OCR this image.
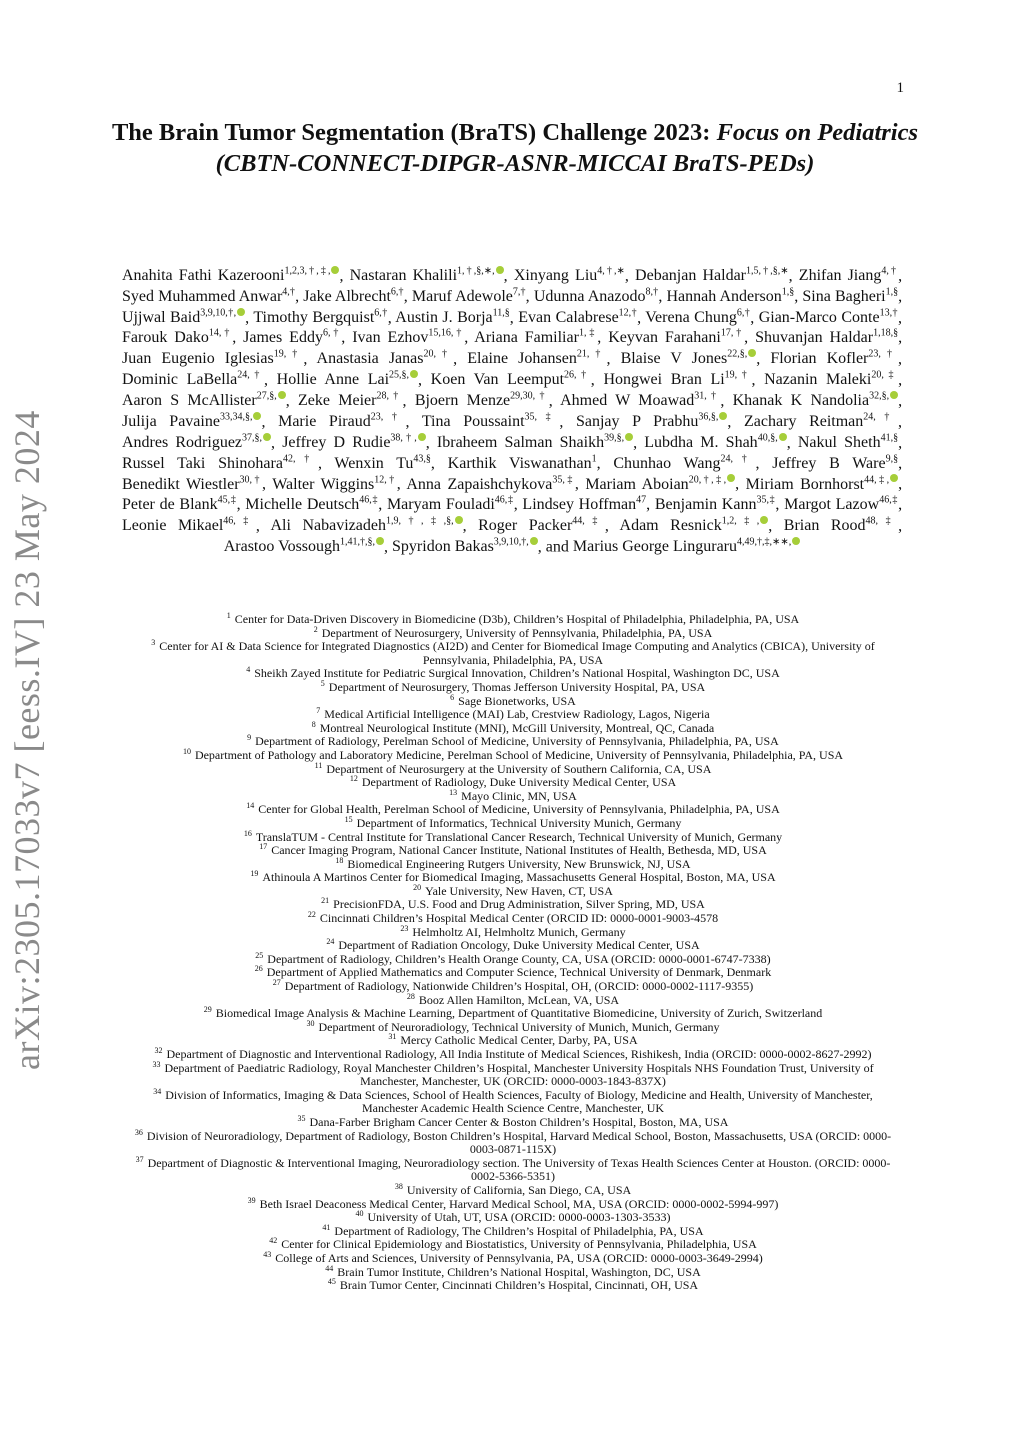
1
arXiv:2305.17033v7 [eess.IV] 23 May 2024
The Brain Tumor Segmentation (BraTS) Challenge 2023: Focus on Pediatrics (CBTN-CONNECT-DIPGR-ASNR-MICCAI BraTS-PEDs)
Anahita Fathi Kazerooni$^{1,2,3,\dagger,\ddagger,}$ , Nastaran Khalili$^{1,\dagger,\S,∗,}$ , Xinyang Liu$^{4,\dagger,∗}$, Debanjan Haldar$^{1,5,\dagger,\S,∗}$, Zhifan Jiang$^{4,\dagger}$, Syed Muhammed Anwar$^{4,\dagger}$, Jake Albrecht$^{6,\dagger}$, Maruf Adewole$^{7,\dagger}$, Udunna Anazodo$^{8,\dagger}$, Hannah Anderson$^{1,\S}$, Sina Bagheri$^{1,\S}$, Ujjwal Baid$^{3,9,10,\dagger,}$ , Timothy Bergquist$^{6,\dagger}$, Austin J. Borja$^{11,\S}$, Evan Calabrese$^{12,\dagger}$, Verena Chung$^{6,\dagger}$, Gian-Marco Conte$^{13,\dagger}$, Farouk Dako$^{14,\dagger}$, James Eddy$^{6,\dagger}$, Ivan Ezhov$^{15,16,\dagger}$, Ariana Familiar$^{1,\ddagger}$, Keyvan Farahani$^{17,\dagger}$, Shuvanjan Haldar$^{1,18,\S}$, Juan Eugenio Iglesias$^{19,\dagger}$, Anastasia Janas$^{20,\dagger}$, Elaine Johansen$^{21,\dagger}$, Blaise V Jones$^{22,\S,}$ , Florian Kofler$^{23,\dagger}$, Dominic LaBella$^{24,\dagger}$, Hollie Anne Lai$^{25,\S,}$ , Koen Van Leemput$^{26,\dagger}$, Hongwei Bran Li$^{19,\dagger}$, Nazanin Maleki$^{20,\ddagger}$, Aaron S McAllister$^{27,\S,}$ , Zeke Meier$^{28,\dagger}$, Bjoern Menze$^{29,30,\dagger}$, Ahmed W Moawad$^{31,\dagger}$, Khanak K Nandolia$^{32,\S,}$ , Julija Pavaine$^{33,34,\S,}$ , Marie Piraud$^{23,\dagger}$, Tina Poussaint$^{35,\ddagger}$, Sanjay P Prabhu$^{36,\S,}$ , Zachary Reitman$^{24,\dagger}$, Andres Rodriguez$^{37,\S,}$ , Jeffrey D Rudie$^{38,\dagger,}$ , Ibraheem Salman Shaikh$^{39,\S,}$ , Lubdha M. Shah$^{40,\S,}$ , Nakul Sheth$^{41,\S}$, Russel Taki Shinohara$^{42,\dagger}$, Wenxin Tu$^{43,\S}$, Karthik Viswanathan$^1$, Chunhao Wang$^{24,\dagger}$, Jeffrey B Ware$^{9,\S}$, Benedikt Wiestler$^{30,\dagger}$, Walter Wiggins$^{12,\dagger}$, Anna Zapaishchykova$^{35,\ddagger}$, Mariam Aboian$^{20,\dagger,\ddagger,}$ , Miriam Bornhorst$^{44,\ddagger,}$ , Peter de Blank$^{45,\ddagger}$, Michelle Deutsch$^{46,\ddagger}$, Maryam Fouladi$^{46,\ddagger}$, Lindsey Hoffman$^{47}$, Benjamin Kann$^{35,\ddagger}$, Margot Lazow$^{46,\ddagger}$, Leonie Mikael$^{46,\ddagger}$, Ali Nabavizadeh$^{1,9,\dagger,\ddagger,\S,}$ , Roger Packer$^{44,\ddagger}$, Adam Resnick$^{1,2,\ddagger,}$ , Brian Rood$^{48,\ddagger}$, Arastoo Vossough$^{1,41,\dagger,\S,}$ , Spyridon Bakas$^{3,9,10,\dagger,}$ , and Marius George Linguraru$^{4,49,\dagger,\ddagger,∗∗,}$

$^1$ Center for Data-Driven Discovery in Biomedicine (D3b), Children’s Hospital of Philadelphia, Philadelphia, PA, USA

$^2$ Department of Neurosurgery, University of Pennsylvania, Philadelphia, PA, USA

$^3$ Center for AI & Data Science for Integrated Diagnostics (AI2D) and Center for Biomedical Image Computing and Analytics (CBICA), University of Pennsylvania, Philadelphia, PA, USA

$^4$ Sheikh Zayed Institute for Pediatric Surgical Innovation, Children’s National Hospital, Washington DC, USA

$^5$ Department of Neurosurgery, Thomas Jefferson University Hospital, PA, USA

$^6$ Sage Bionetworks, USA

$^7$ Medical Artificial Intelligence (MAI) Lab, Crestview Radiology, Lagos, Nigeria

$^8$ Montreal Neurological Institute (MNI), McGill University, Montreal, QC, Canada

$^9$ Department of Radiology, Perelman School of Medicine, University of Pennsylvania, Philadelphia, PA, USA

$^{10}$ Department of Pathology and Laboratory Medicine, Perelman School of Medicine, University of Pennsylvania, Philadelphia, PA, USA

$^{11}$ Department of Neurosurgery at the University of Southern California, CA, USA

$^{12}$ Department of Radiology, Duke University Medical Center, USA

$^{13}$ Mayo Clinic, MN, USA

$^{14}$ Center for Global Health, Perelman School of Medicine, University of Pennsylvania, Philadelphia, PA, USA

$^{15}$ Department of Informatics, Technical University Munich, Germany

$^{16}$ TranslaTUM - Central Institute for Translational Cancer Research, Technical University of Munich, Germany

$^{17}$ Cancer Imaging Program, National Cancer Institute, National Institutes of Health, Bethesda, MD, USA

$^{18}$ Biomedical Engineering Rutgers University, New Brunswick, NJ, USA

$^{19}$ Athinoula A Martinos Center for Biomedical Imaging, Massachusetts General Hospital, Boston, MA, USA

$^{20}$ Yale University, New Haven, CT, USA

$^{21}$ PrecisionFDA, U.S. Food and Drug Administration, Silver Spring, MD, USA

$^{22}$ Cincinnati Children’s Hospital Medical Center (ORCID ID: 0000-0001-9003-4578

$^{23}$ Helmholtz AI, Helmholtz Munich, Germany

$^{24}$ Department of Radiation Oncology, Duke University Medical Center, USA

$^{25}$ Department of Radiology, Children’s Health Orange County, CA, USA (ORCID: 0000-0001-6747-7338)

$^{26}$ Department of Applied Mathematics and Computer Science, Technical University of Denmark, Denmark

$^{27}$ Department of Radiology, Nationwide Children’s Hospital, OH, (ORCID: 0000-0002-1117-9355)

$^{28}$ Booz Allen Hamilton, McLean, VA, USA

$^{29}$ Biomedical Image Analysis & Machine Learning, Department of Quantitative Biomedicine, University of Zurich, Switzerland

$^{30}$ Department of Neuroradiology, Technical University of Munich, Munich, Germany

$^{31}$ Mercy Catholic Medical Center, Darby, PA, USA

$^{32}$ Department of Diagnostic and Interventional Radiology, All India Institute of Medical Sciences, Rishikesh, India (ORCID: 0000-0002-8627-2992)

$^{33}$ Department of Paediatric Radiology, Royal Manchester Children’s Hospital, Manchester University Hospitals NHS Foundation Trust, University of Manchester, Manchester, UK (ORCID: 0000-0003-1843-837X)

$^{34}$ Division of Informatics, Imaging & Data Sciences, School of Health Sciences, Faculty of Biology, Medicine and Health, University of Manchester, Manchester Academic Health Science Centre, Manchester, UK

$^{35}$ Dana-Farber Brigham Cancer Center & Boston Children’s Hospital, Boston, MA, USA

$^{36}$ Division of Neuroradiology, Department of Radiology, Boston Children’s Hospital, Harvard Medical School, Boston, Massachusetts, USA (ORCID: 0000-0003-0871-115X)

$^{37}$ Department of Diagnostic & Interventional Imaging, Neuroradiology section. The University of Texas Health Sciences Center at Houston. (ORCID: 0000-0002-5366-5351)

$^{38}$ University of California, San Diego, CA, USA

$^{39}$ Beth Israel Deaconess Medical Center, Harvard Medical School, MA, USA (ORCID: 0000-0002-5994-997)

$^{40}$ University of Utah, UT, USA (ORCID: 0000-0003-1303-3533)

$^{41}$ Department of Radiology, The Children’s Hospital of Philadelphia, PA, USA

$^{42}$ Center for Clinical Epidemiology and Biostatistics, University of Pennsylvania, Philadelphia, USA

$^{43}$ College of Arts and Sciences, University of Pennsylvania, PA, USA (ORCID: 0000-0003-3649-2994)

$^{44}$ Brain Tumor Institute, Children’s National Hospital, Washington, DC, USA

$^{45}$ Brain Tumor Center, Cincinnati Children’s Hospital, Cincinnati, OH, USA
